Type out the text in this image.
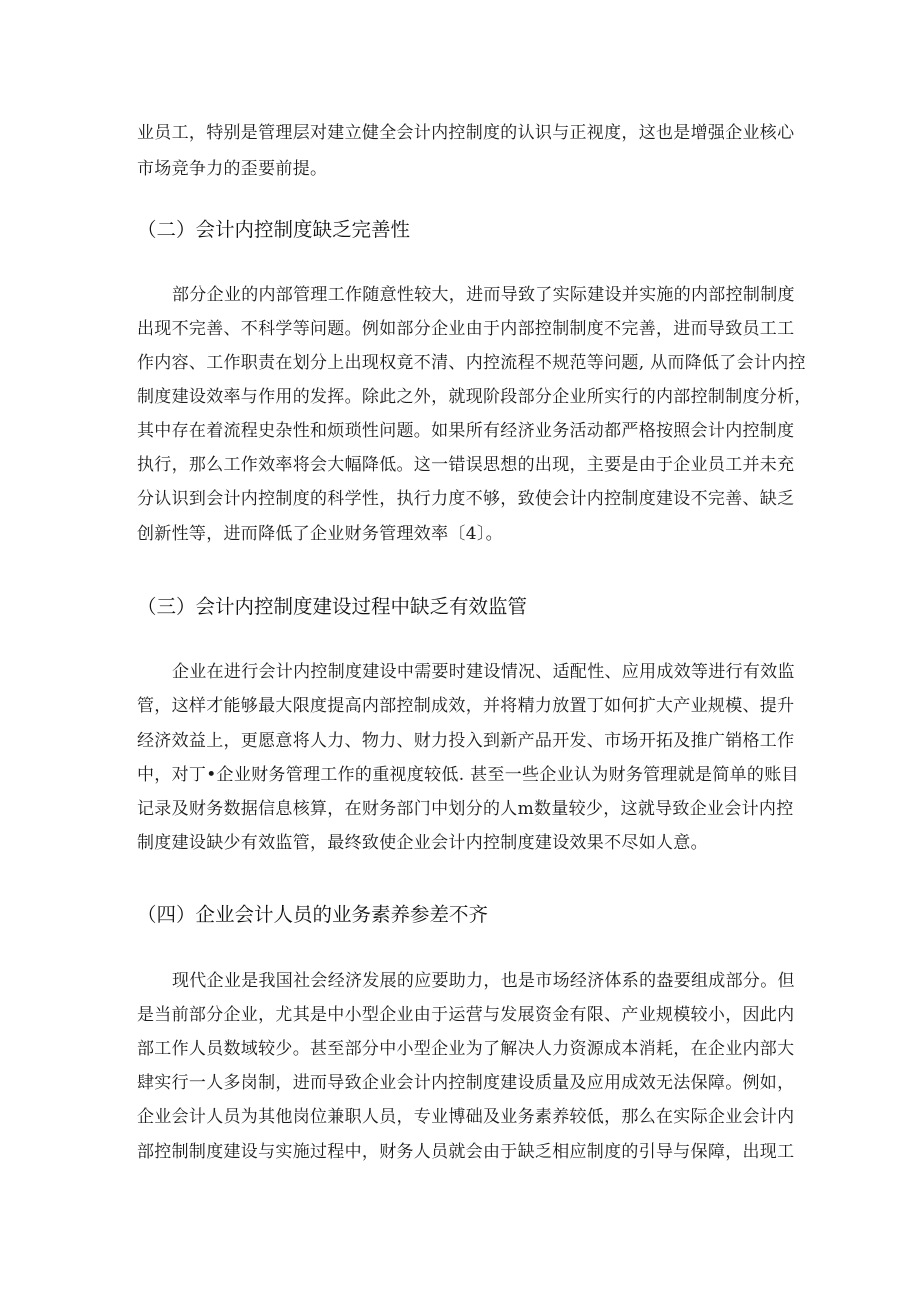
业员工，特别是管理层对建立健全会计内控制度的认识与正视度，这也是增强企业核心
市场竞争力的歪要前提。
（二）会计内控制度缺乏完善性
部分企业的内部管理工作随意性较大，进而导致了实际建设并实施的内部控制制度
出现不完善、不科学等问题。例如部分企业由于内部控制制度不完善，进而导致员工工
作内容、工作职责在划分上出现权竟不清、内控流程不规范等问题, 从而降低了会计内控
制度建设效率与作用的发挥。除此之外，就现阶段部分企业所实行的内部控制制度分析，
其中存在着流程史杂性和烦琐性问题。如果所有经济业务活动都严格按照会计内控制度
执行，那么工作效率将会大幅降低。这一错误思想的出现，主要是由于企业员工并未充
分认识到会计内控制度的科学性，执行力度不够，致使会计内控制度建设不完善、缺乏
创新性等，进而降低了企业财务管理效率〔4〕。
（三）会计内控制度建设过程中缺乏有效监管
企业在进行会计内控制度建设中需要时建设情况、适配性、应用成效等进行有效监
管，这样才能够最大限度提高内部控制成效，并将精力放置丁如何扩大产业规模、提升
经济效益上，更愿意将人力、物力、财力投入到新产品开发、市场开拓及推广销格工作
中，对丁•企业财务管理工作的重视度较低. 甚至一些企业认为财务管理就是简单的账目
记录及财务数据信息核算，在财务部门中划分的人m数量较少，这就导致企业会计内控
制度建设缺少有效监管，最终致使企业会计内控制度建设效果不尽如人意。
（四）企业会计人员的业务素养参差不齐
现代企业是我国社会经济发展的应要助力，也是市场经济体系的盎要组成部分。但
是当前部分企业，尤其是中小型企业由于运营与发展资金有限、产业规模较小，因此内
部工作人员数域较少。甚至部分中小型企业为了解决人力资源成本消耗，在企业内部大
肆实行一人多岗制，进而导致企业会计内控制度建设质量及应用成效无法保障。例如，
企业会计人员为其他岗位兼职人员，专业博础及业务素养较低，那么在实际企业会计内
部控制制度建设与实施过程中，财务人员就会由于缺乏相应制度的引导与保障，出现工
